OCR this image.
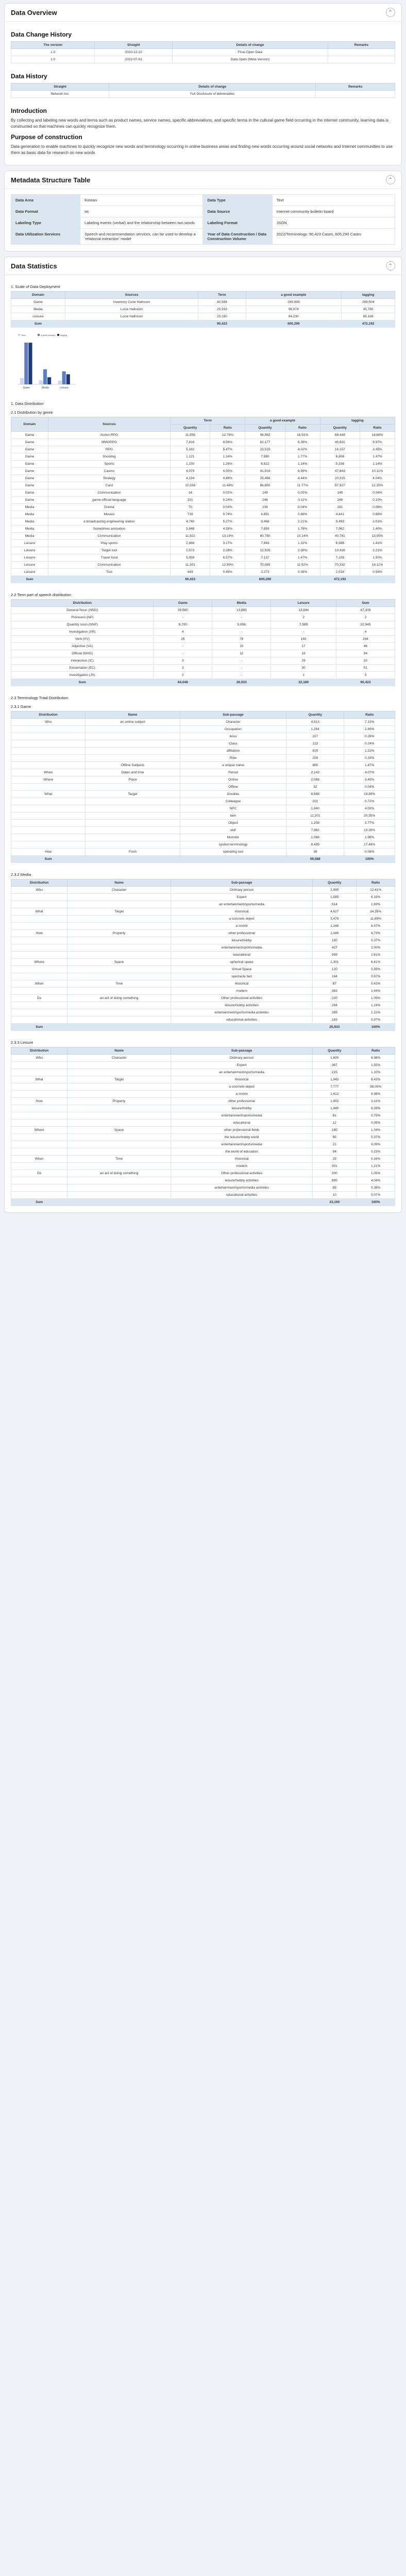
Data Overview	⌃
Data Change History
The version	Straight	Details of change	Remarks
1.0	2020-12-22	Final Open Data	
1.0	2022-07-01	Data Open (Meta Version)	
Data History
Straight	Details of change	Remarks
Network Inc.	Full Disclosure of deliverables	
Introduction

By collecting and labeling new words and terms such as product names, service names, specific abbreviations, and specific terms in the cultural game field occurring in the internet community, learning data is constructed so that machines can quickly recognize them.

Purpose of construction

Data generation to enable machines to quickly recognize new words and terminology occurring in online business areas and finding new words occurring around social networks and Internet communities to use them as basic data for research on new words

Metadata Structure Table	⌃
Data Area	Korean	Data Type	Text
Data Format	txt	Data Source	Internet community bulletin board
Labeling Type	Labeling events (verbal) and the relationship between two words	Labeling Format	JSON
Data Utilization Services	Speech and recommendation services, can be used to develop a 'relational extraction' model	Year of Data Construction / Data Construction Volume	2022/Terminology: 90,423 Cases, 605,290 Cases
Data Statistics	⌃
1. Scale of Data Deployment
Domain	Sources	Term	a good example	tagging
Game	Inventory Curie Hallroom	40,588	269,999	269,504
Media	Lucie Hallroom	25,933	96,974	45,780
Leisure	Lucie Hallroom	23,160	84,230	65,169
Sum		90,423	600,290	472,192
Game	Media	Leisure
Term	a good example tagging
1. Data Distribution
2.1 Distribution by genre
Domain	Sources	Term		a good example		tagging	
		Quantity	Ratio	Quantity	Ratio	Quantity	Ratio
Game	Action RPG	11,556	12.78%	98,982	16.51%	69,448	14.68%
Game	MMORPG	7,816	8.56%	62,177	6.38%	46,831	9.97%
Game	RPG	5,182	5.47%	23,515	4.02%	16,157	3.45%
Game	Shooting	1,121	1.24%	7,980	1.77%	6,806	1.47%
Game	Sports	1,150	1.26%	6,822	1.14%	5,336	1.14%
Game	Casino	4,079	4.50%	41,918	6.99%	47,843	10.11%
Game	Strategy	4,194	4.46%	26,466	4.44%	20,315	4.04%
Game	Card	10,536	11.48%	86,850	11.77%	57,927	12.25%
Game	Communication	14	0.02%	149	0.02%	149	0.04%
Game	game-official language	201	0.24%	246	0.11%	246	0.10%
Media	Drama	70	0.04%	238	0.04%	281	0.06%
Media	Movies	716	0.79%	4,851	0.88%	4,441	0.88%
Media	a broadcasting engineering station	4,740	5.27%	9,468	2.21%	9,493	2.01%
Media	Sometimes animation	3,848	4.26%	7,859	1.78%	7,962	1.40%
Media	Communication	11,922	13.19%	60,780	10.14%	40,781	13.05%
Leisure	Play sports	2,888	3.17%	7,849	1.32%	6,986	1.41%
Leisure	Target tool	2,573	2.28%	12,535	2.08%	10,436	2.21%
Leisure	Travel food	5,959	6.57%	7,137	1.47%	7,108	1.50%
Leisure	Communication	11,301	12.99%	70,085	11.92%	70,332	16.11%
Leisure	Tool	443	0.49%	2,273	0.38%	2,518	0.54%
Sum		90,423		600,290		472,192	
2.2 Term part of speech distribution
Distribution	Game	Media	Leisure	Sum
General Noun (NNG)	39,580	13,885	13,844	67,309
Pronouns (NP)	-	-	2	2
Quantity noun (NNP)	8,700	5,656	7,589	22,945
Investigation (XR)	4	-	-	4
Verb (VV)	26	78	140	244
Adjective (VA)	-	10	17	46
Official (MAG)	-	12	16	34
Interjection (IC)	3	-	29	32
Exclamation (EC)	3	-	30	51
Investigation (JX)	2	-	1	3
Sum	64,048	26,933	22,180	90,423
2.3 Terminology Triad Distribution
2.3.1 Game
Distribution	Name	Sub-passage	Quantity	Ratio
Who	an online subject	Character	4,913	7.13%
		Occupation	1,264	2.46%
		boss	227	0.28%
		Class	123	0.24%
		affiliation	819	1.22%
		Role	209	0.33%
	Offline Subjects	a unique name	865	1.47%
When	Dates and time	Period	2,143	4.07%
Where	Place	Online	2,088	3.49%
		Offline	32	0.04%
What	Target	Goodies	8,698	14.89%
		Colleague	202	0.72%
		NPC	1,840	4.03%
		item	11,201	20.35%
		Object	1,208	2.77%
		skill	7,982	13.38%
		Monster	1,088	1.98%
		system terminology	8,435	17.49%
How	Form	operating tool	38	0.08%
Sum			59,588	100%
2.3.2 Media
Distribution	Name	Sub-passage	Quantity	Ratio
Who	Character	Ordinary person	2,995	12.41%
		Expert	1,585	6.19%
		an entertainment/sports/media	514	1.83%
What	Target	Historical	4,627	34.35%
		a concrete object	3,479	11.89%
		a mi/not	1,248	8.47%
How	Property	other professional	1,049	6.73%
		leisure/hobby	150	0.37%
		entertainment/sports/media	427	2.00%
		educational	999	1.61%
Where	Space	spherical space	1,301	6.41%
		Virtual Space	120	0.59%
		spectacle fact	164	0.67%
When	Time	Historical	87	0.42%
		modern	383	1.44%
Do	an act of doing something	Other professional activities	220	1.09%
		leisure/hobby activities	294	1.24%
		entertainment/sports/media activities	289	1.22%
		educational activities	183	0.97%
Sum			25,933	100%
2.3.3 Leisure
Distribution	Name	Sub-passage	Quantity	Ratio
Who	Character	Ordinary person	1,600	6.98%
		Expert	367	1.55%
		an entertainment/sports/media	215	1.10%
What	Target	Historical	1,943	8.42%
		a concrete object	7,777	38.00%
		a mi/not	1,612	6.98%
How	Property	other professional	1,802	0.11%
		leisure/hobby	1,840	6.28%
		entertainment/sports/media	81	0.75%
		educational	12	0.05%
Where	Space	other professional fields	180	1.04%
		the leisure/hobby world	95	0.37%
		entertainment/sports/media	21	0.09%
		the world of education	54	0.23%
When	Time	Historical	29	0.16%
		modern	301	1.21%
Do	an act of doing something	Other professional activities	200	1.05%
		leisure/hobby activities	895	4.04%
		entertainment/sports/media activities	89	0.38%
		educational activities	10	0.07%
Sum			23,160	100%
